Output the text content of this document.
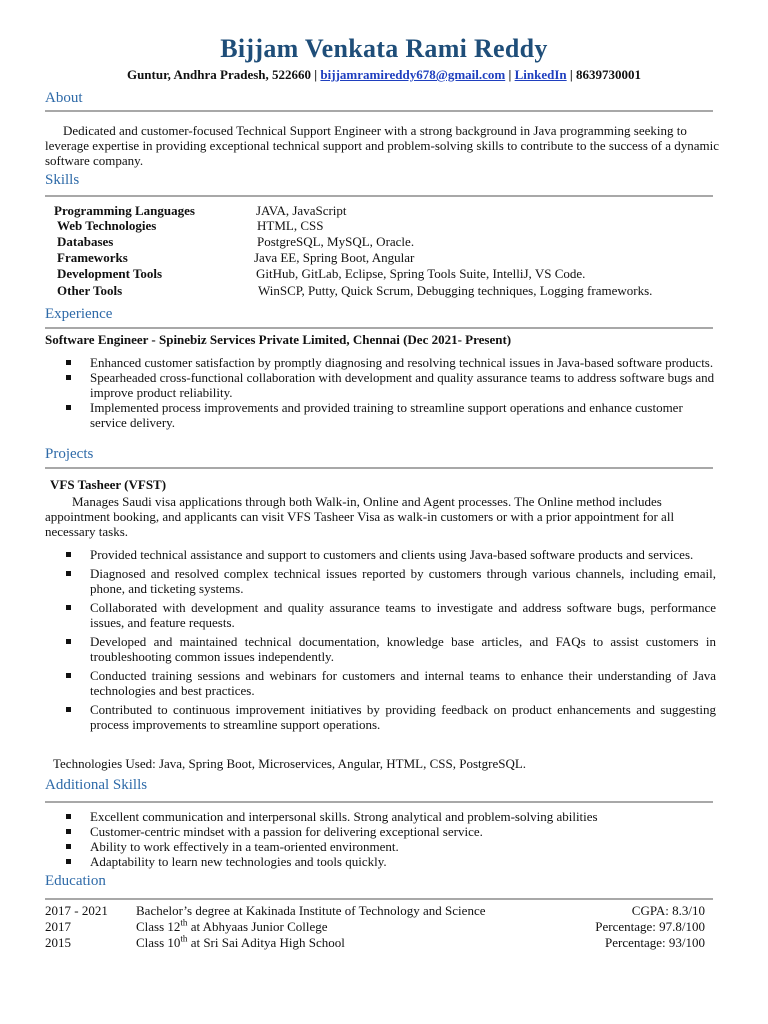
Bijjam Venkata Rami Reddy
Guntur, Andhra Pradesh, 522660 | bijjamramireddy678@gmail.com | LinkedIn | 8639730001
About
Dedicated and customer-focused Technical Support Engineer with a strong background in Java programming seeking to leverage expertise in providing exceptional technical support and problem-solving skills to contribute to the success of a dynamic software company.
Skills
Programming Languages	JAVA, JavaScript
Web Technologies	HTML, CSS
Databases	PostgreSQL, MySQL, Oracle.
Frameworks	Java EE, Spring Boot, Angular
Development Tools	GitHub, GitLab, Eclipse, Spring Tools Suite, IntelliJ, VS Code.
Other Tools	WinSCP, Putty, Quick Scrum, Debugging techniques, Logging frameworks.
Experience
Software Engineer - Spinebiz Services Private Limited, Chennai (Dec 2021- Present)
Enhanced customer satisfaction by promptly diagnosing and resolving technical issues in Java-based software products.
Spearheaded cross-functional collaboration with development and quality assurance teams to address software bugs and improve product reliability.
Implemented process improvements and provided training to streamline support operations and enhance customer service delivery.
Projects
VFS Tasheer (VFST)
Manages Saudi visa applications through both Walk-in, Online and Agent processes. The Online method includes appointment booking, and applicants can visit VFS Tasheer Visa as walk-in customers or with a prior appointment for all necessary tasks.
Provided technical assistance and support to customers and clients using Java-based software products and services.
Diagnosed and resolved complex technical issues reported by customers through various channels, including email, phone, and ticketing systems.
Collaborated with development and quality assurance teams to investigate and address software bugs, performance issues, and feature requests.
Developed and maintained technical documentation, knowledge base articles, and FAQs to assist customers in troubleshooting common issues independently.
Conducted training sessions and webinars for customers and internal teams to enhance their understanding of Java technologies and best practices.
Contributed to continuous improvement initiatives by providing feedback on product enhancements and suggesting process improvements to streamline support operations.
Technologies Used: Java, Spring Boot, Microservices, Angular, HTML, CSS, PostgreSQL.
Additional Skills
Excellent communication and interpersonal skills. Strong analytical and problem-solving abilities
Customer-centric mindset with a passion for delivering exceptional service.
Ability to work effectively in a team-oriented environment.
Adaptability to learn new technologies and tools quickly.
Education
2017 - 2021 Bachelor’s degree at Kakinada Institute of Technology and Science	CGPA: 8.3/10
2017	Class 12th at Abhyaas Junior College	Percentage: 97.8/100
2015	Class 10th at Sri Sai Aditya High School	Percentage: 93/100
